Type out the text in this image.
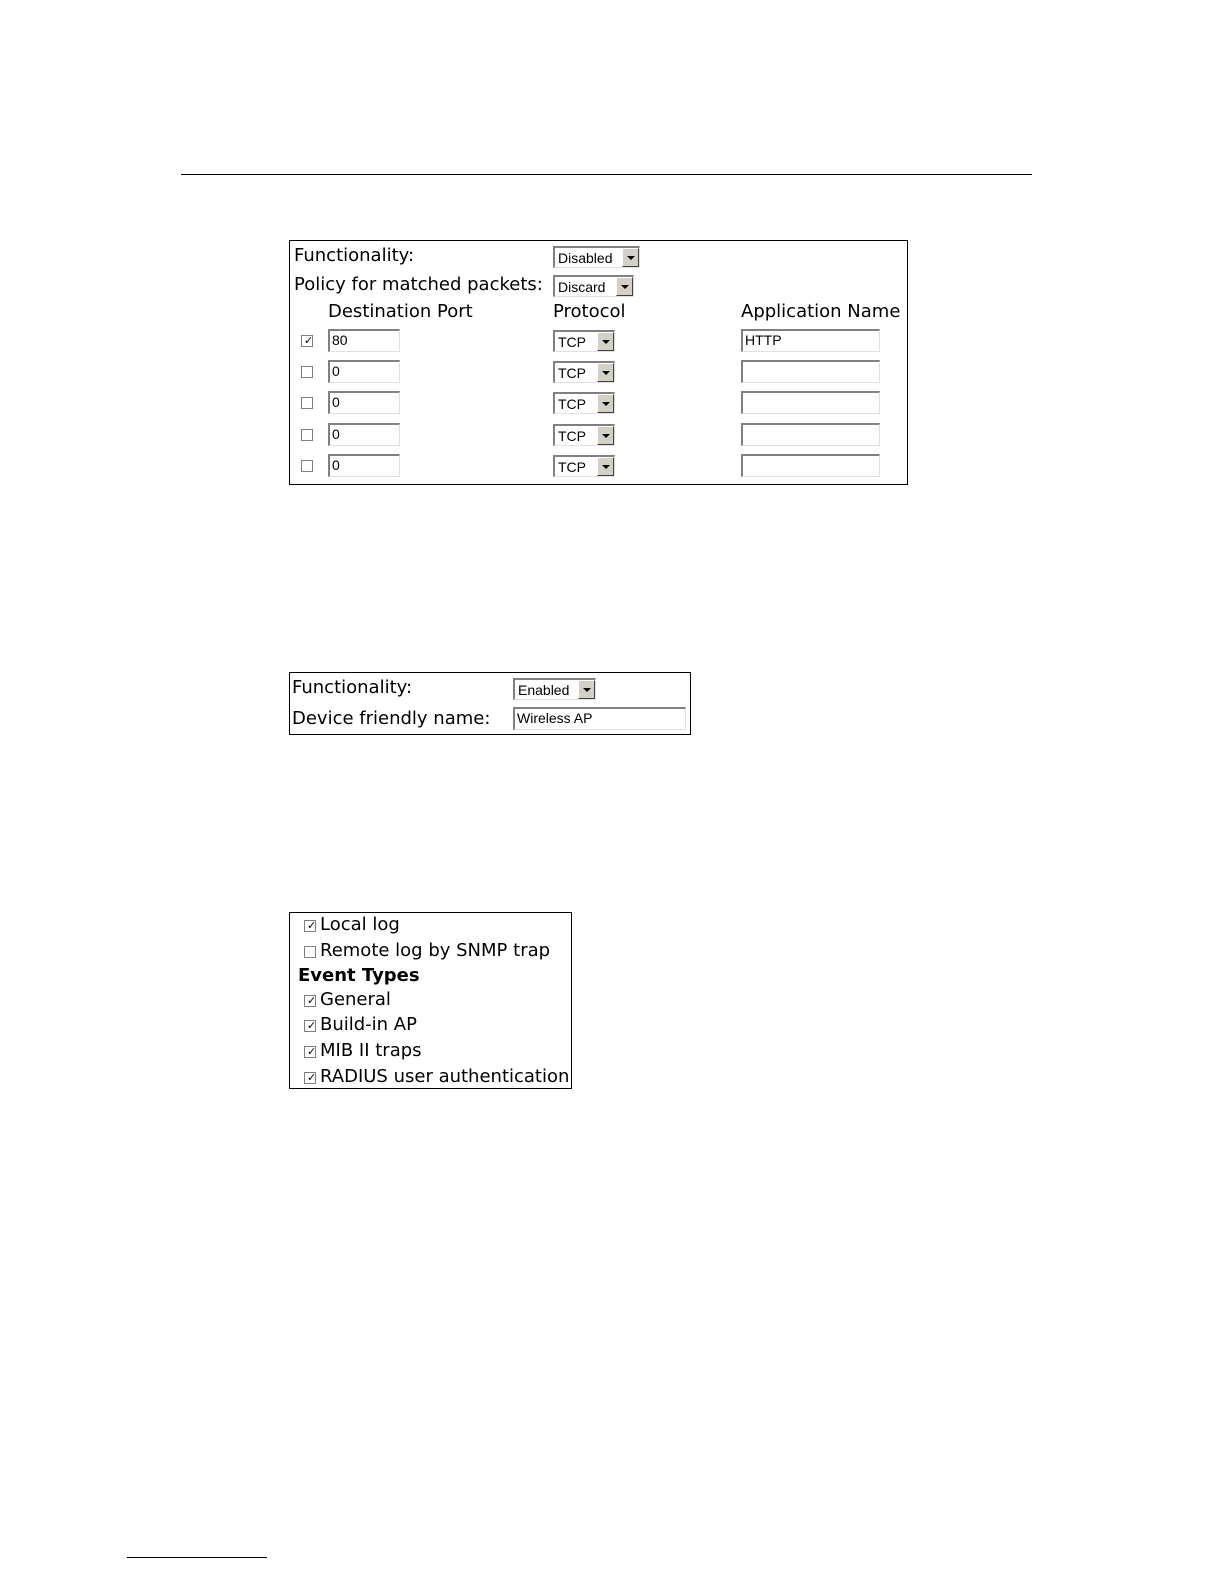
Functionality:	Disabled
Policy for matched packets: Discard
Destination Port	Protocol	Application Name
✓ 80	TCP	HTTP
0	TCP
0	TCP
0	TCP
0	TCP
Functionality:	Enabled
Device friendly name: Wireless AP
✓ Local log
Remote log by SNMP trap
Event Types
✓ General
✓ Build-in AP
✓ MIB II traps
✓ RADIUS user authentication
